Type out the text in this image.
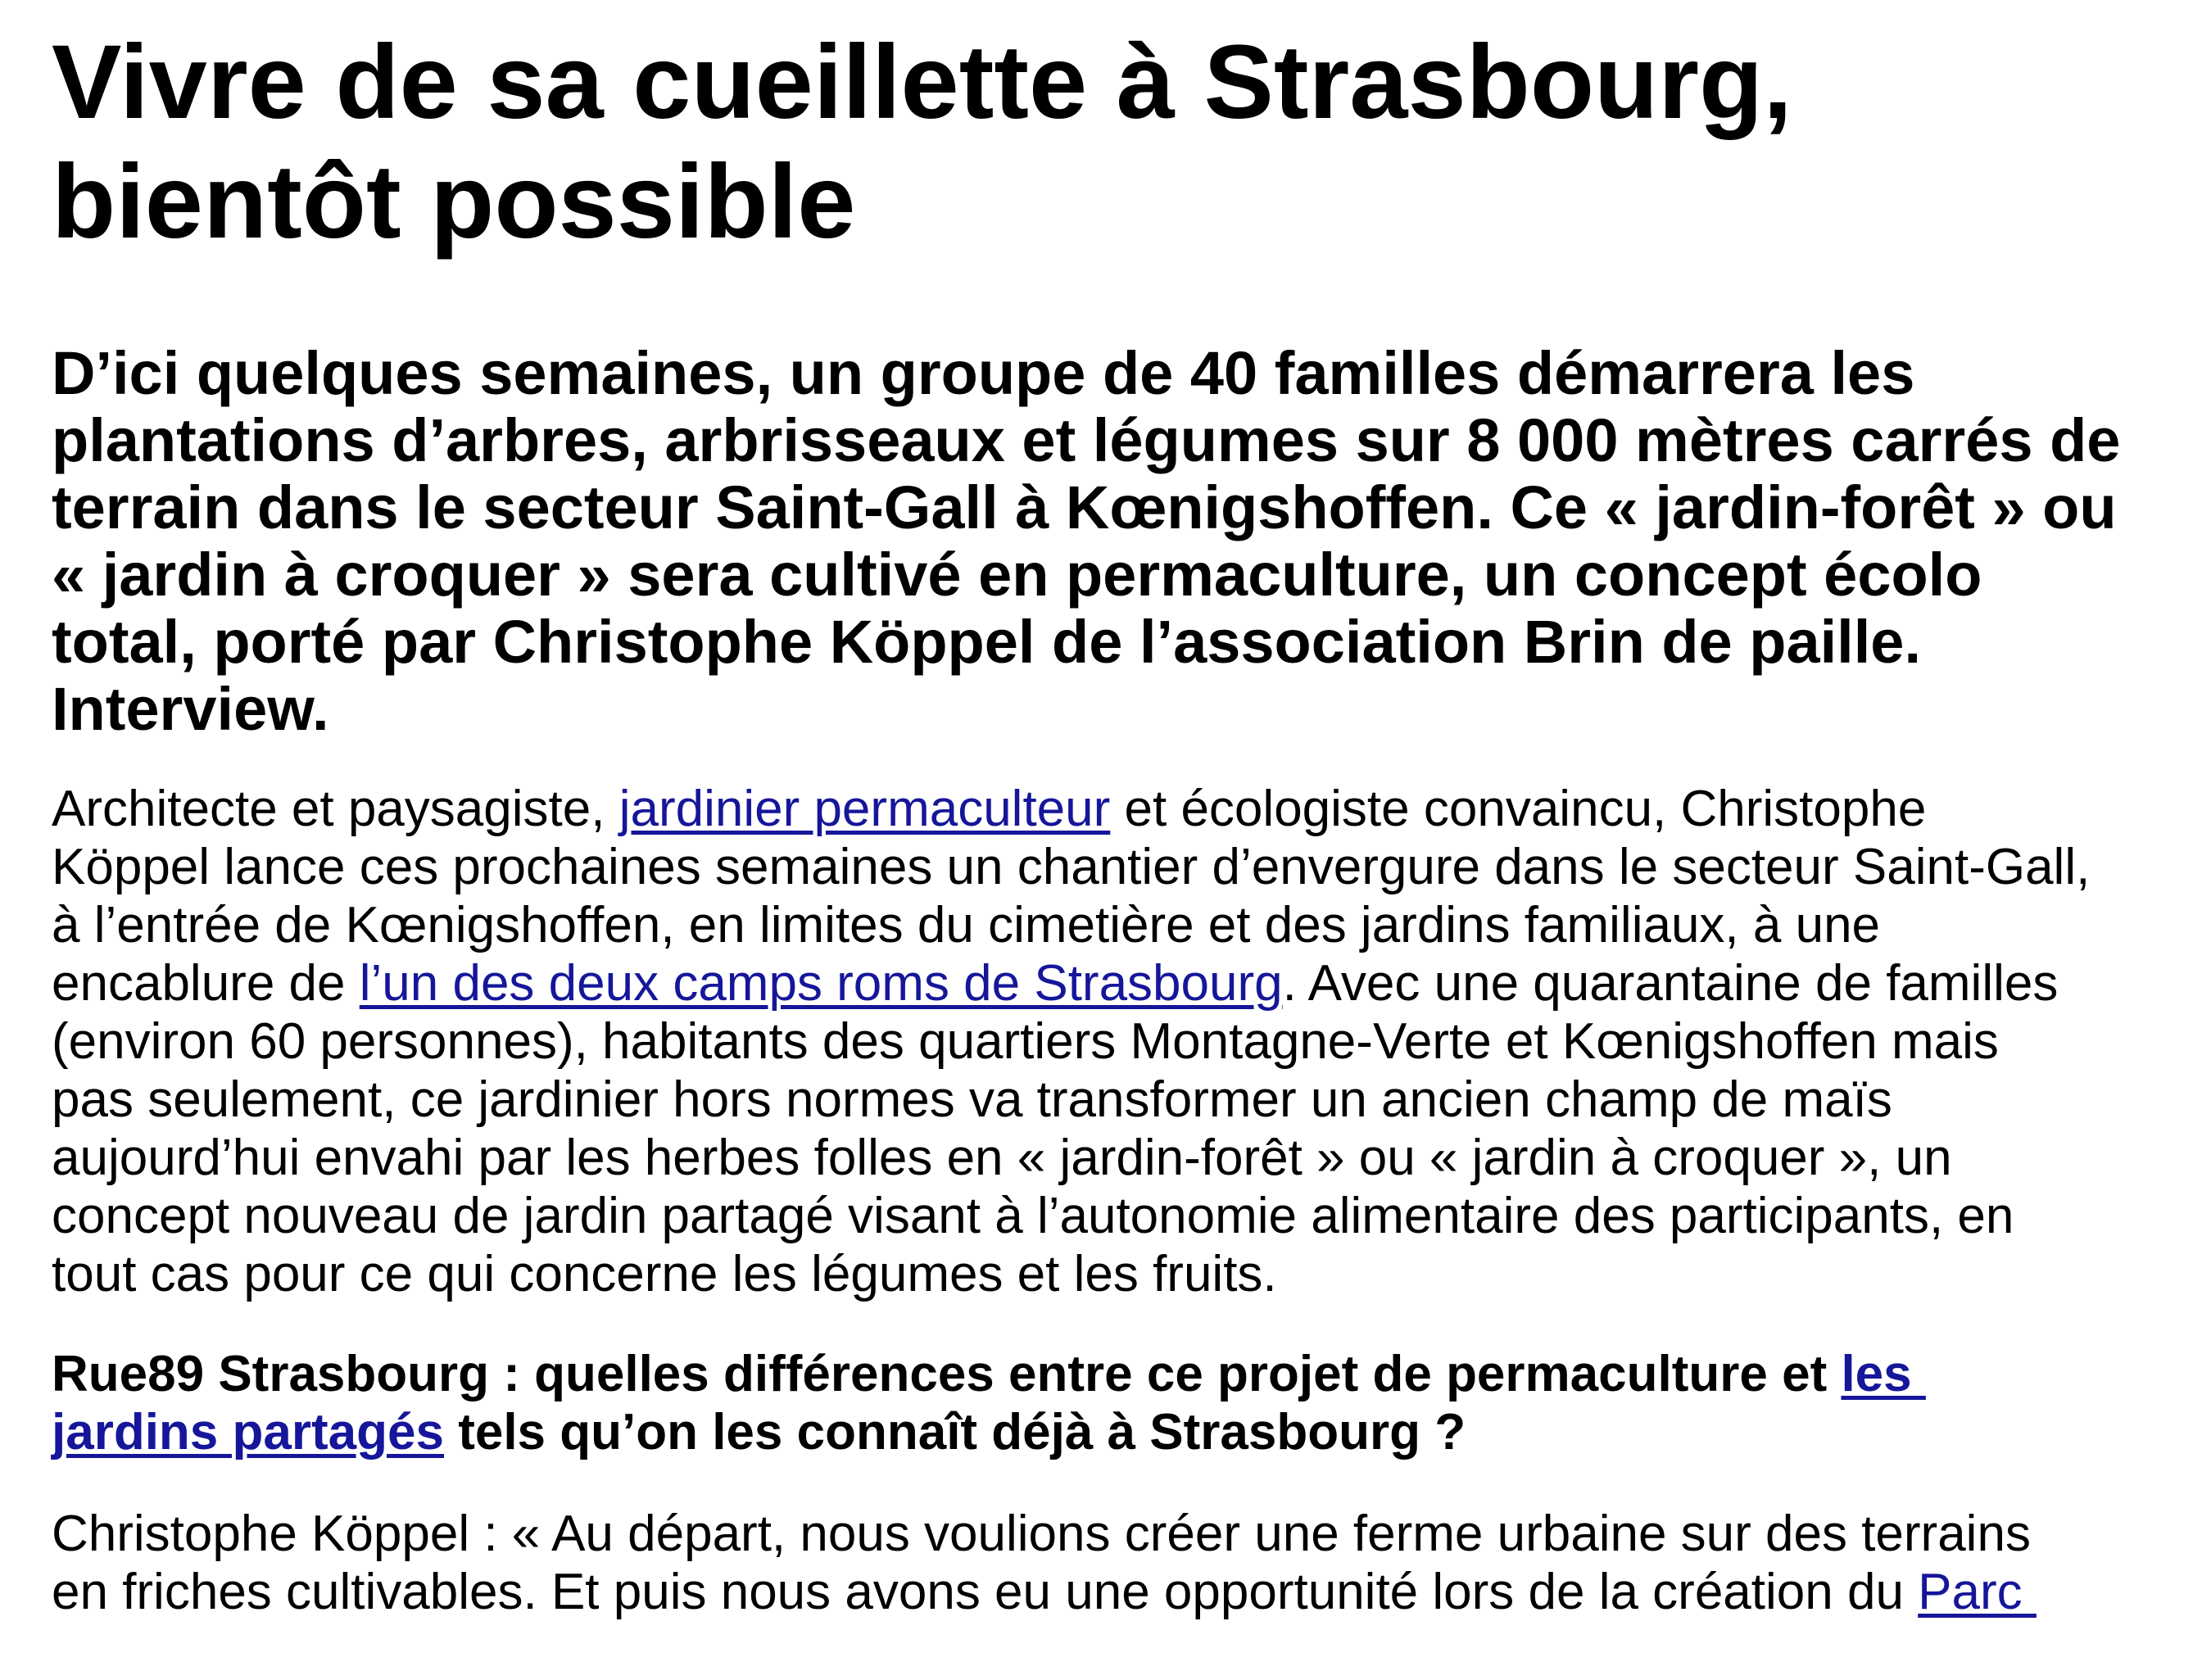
Vivre de sa cueillette à Strasbourg,
bientôt possible
D’ici quelques semaines, un groupe de 40 familles démarrera les
plantations d’arbres, arbrisseaux et légumes sur 8 000 mètres carrés de
terrain dans le secteur Saint-Gall à Kœnigshoffen. Ce « jardin-forêt » ou
« jardin à croquer » sera cultivé en permaculture, un concept écolo
total, porté par Christophe Köppel de l’association Brin de paille.
Interview.
Architecte et paysagiste, jardinier permaculteur et écologiste convaincu, Christophe
Köppel lance ces prochaines semaines un chantier d’envergure dans le secteur Saint-Gall,
à l’entrée de Kœnigshoffen, en limites du cimetière et des jardins familiaux, à une
encablure de l’un des deux camps roms de Strasbourg. Avec une quarantaine de familles
(environ 60 personnes), habitants des quartiers Montagne-Verte et Kœnigshoffen mais
pas seulement, ce jardinier hors normes va transformer un ancien champ de maïs
aujourd’hui envahi par les herbes folles en « jardin-forêt » ou « jardin à croquer », un
concept nouveau de jardin partagé visant à l’autonomie alimentaire des participants, en
tout cas pour ce qui concerne les légumes et les fruits.
Rue89 Strasbourg : quelles différences entre ce projet de permaculture et les
jardins partagés tels qu’on les connaît déjà à Strasbourg ?
Christophe Köppel : « Au départ, nous voulions créer une ferme urbaine sur des terrains
en friches cultivables. Et puis nous avons eu une opportunité lors de la création du Parc
